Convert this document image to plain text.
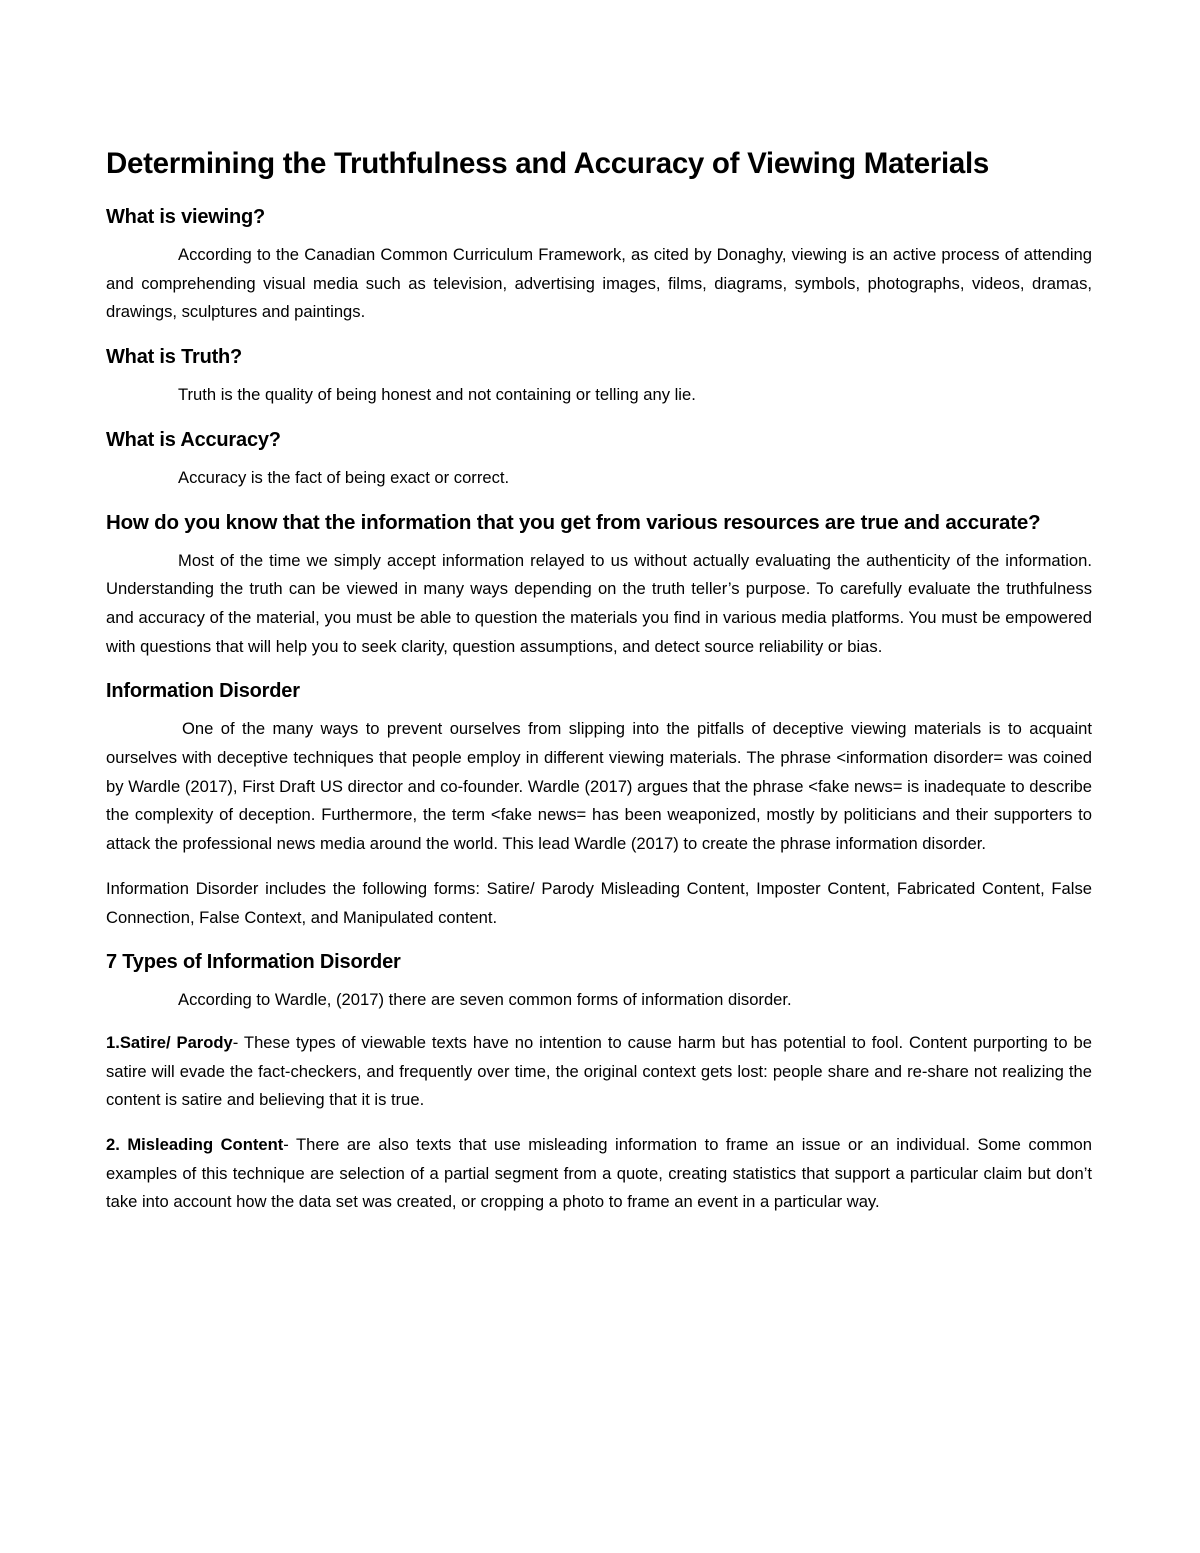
Determining the Truthfulness and Accuracy of Viewing Materials
What is viewing?

According to the Canadian Common Curriculum Framework, as cited by Donaghy, viewing is an active process of attending and comprehending visual media such as television, advertising images, films, diagrams, symbols, photographs, videos, dramas, drawings, sculptures and paintings.

What is Truth?

Truth is the quality of being honest and not containing or telling any lie.

What is Accuracy?

Accuracy is the fact of being exact or correct.

How do you know that the information that you get from various resources are true and accurate?

Most of the time we simply accept information relayed to us without actually evaluating the authenticity of the information. Understanding the truth can be viewed in many ways depending on the truth teller’s purpose. To carefully evaluate the truthfulness and accuracy of the material, you must be able to question the materials you find in various media platforms. You must be empowered with questions that will help you to seek clarity, question assumptions, and detect source reliability or bias.

Information Disorder

One of the many ways to prevent ourselves from slipping into the pitfalls of deceptive viewing materials is to acquaint ourselves with deceptive techniques that people employ in different viewing materials. The phrase <information disorder= was coined by Wardle (2017), First Draft US director and co-founder. Wardle (2017) argues that the phrase <fake news= is inadequate to describe the complexity of deception. Furthermore, the term <fake news= has been weaponized, mostly by politicians and their supporters to attack the professional news media around the world. This lead Wardle (2017) to create the phrase information disorder.

Information Disorder includes the following forms: Satire/ Parody Misleading Content, Imposter Content, Fabricated Content, False Connection, False Context, and Manipulated content.

7 Types of Information Disorder

According to Wardle, (2017) there are seven common forms of information disorder.

1.Satire/ Parody- These types of viewable texts have no intention to cause harm but has potential to fool. Content purporting to be satire will evade the fact-checkers, and frequently over time, the original context gets lost: people share and re-share not realizing the content is satire and believing that it is true.

2. Misleading Content- There are also texts that use misleading information to frame an issue or an individual. Some common examples of this technique are selection of a partial segment from a quote, creating statistics that support a particular claim but don’t take into account how the data set was created, or cropping a photo to frame an event in a particular way.
